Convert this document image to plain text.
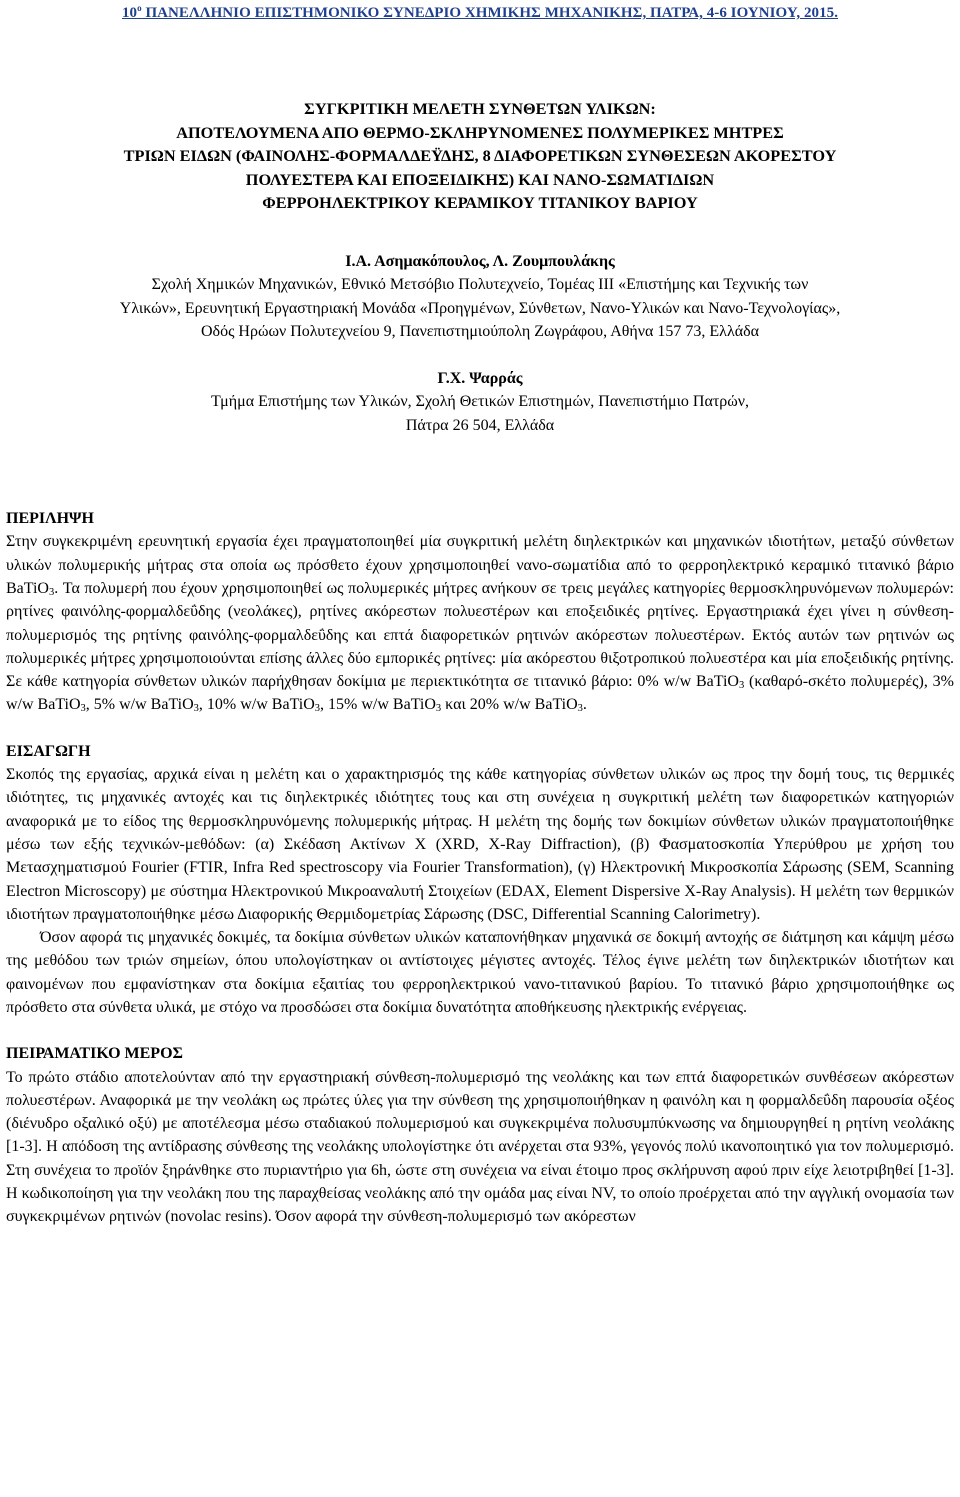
$10^o$ ΠΑΝΕΛΛΗΝΙΟ ΕΠΙΣΤΗΜΟΝΙΚΟ ΣΥΝΕΔΡΙΟ ΧΗΜΙΚΗΣ ΜΗΧΑΝΙΚΗΣ, ΠΑΤΡΑ, 4-6 ΙΟΥΝΙΟΥ, 2015.
ΣΥΓΚΡΙΤΙΚΗ ΜΕΛΕΤΗ ΣΥΝΘΕΤΩΝ ΥΛΙΚΩΝ:
ΑΠΟΤΕΛΟΥΜΕΝΑ ΑΠΟ ΘΕΡΜΟ-ΣΚΛΗΡΥΝΟΜΕΝΕΣ ΠΟΛΥΜΕΡΙΚΕΣ ΜΗΤΡΕΣ
ΤΡΙΩΝ ΕΙΔΩΝ (ΦΑΙΝΟΛΗΣ-ΦΟΡΜΑΛΔΕΫΔΗΣ, 8 ΔΙΑΦΟΡΕΤΙΚΩΝ ΣΥΝΘΕΣΕΩΝ ΑΚΟΡΕΣΤΟΥ
ΠΟΛΥΕΣΤΕΡΑ ΚΑΙ ΕΠΟΞΕΙΔΙΚΗΣ) ΚΑΙ ΝΑΝΟ-ΣΩΜΑΤΙΔΙΩΝ
ΦΕΡΡΟΗΛΕΚΤΡΙΚΟΥ ΚΕΡΑΜΙΚΟΥ ΤΙΤΑΝΙΚΟΥ ΒΑΡΙΟΥ
Ι.Α. Ασημακόπουλος, Λ. Ζουμπουλάκης
Σχολή Χημικών Μηχανικών, Εθνικό Μετσόβιο Πολυτεχνείο, Τομέας ΙΙΙ «Επιστήμης και Τεχνικής των
Υλικών», Ερευνητική Εργαστηριακή Μονάδα «Προηγμένων, Σύνθετων, Νανο-Υλικών και Νανο-Τεχνολογίας»,
Οδός Ηρώων Πολυτεχνείου 9, Πανεπιστημιούπολη Ζωγράφου, Αθήνα 157 73, Ελλάδα
Γ.Χ. Ψαρράς
Τμήμα Επιστήμης των Υλικών, Σχολή Θετικών Επιστημών, Πανεπιστήμιο Πατρών,
Πάτρα 26 504, Ελλάδα
ΠΕΡΙΛΗΨΗ

Στην συγκεκριμένη ερευνητική εργασία έχει πραγματοποιηθεί μία συγκριτική μελέτη διηλεκτρικών και μηχανικών ιδιοτήτων, μεταξύ σύνθετων υλικών πολυμερικής μήτρας στα οποία ως πρόσθετο έχουν χρησιμοποιηθεί νανο-σωματίδια από το φερροηλεκτρικό κεραμικό τιτανικό βάριο BaTiO$_3$. Τα πολυμερή που έχουν χρησιμοποιηθεί ως πολυμερικές μήτρες ανήκουν σε τρεις μεγάλες κατηγορίες θερμοσκληρυνόμενων πολυμερών: ρητίνες φαινόλης-φορμαλδεΰδης (νεολάκες), ρητίνες ακόρεστων πολυεστέρων και εποξειδικές ρητίνες. Εργαστηριακά έχει γίνει η σύνθεση-πολυμερισμός της ρητίνης φαινόλης-φορμαλδεΰδης και επτά διαφορετικών ρητινών ακόρεστων πολυεστέρων. Εκτός αυτών των ρητινών ως πολυμερικές μήτρες χρησιμοποιούνται επίσης άλλες δύο εμπορικές ρητίνες: μία ακόρεστου θιξοτροπικού πολυεστέρα και μία εποξειδικής ρητίνης. Σε κάθε κατηγορία σύνθετων υλικών παρήχθησαν δοκίμια με περιεκτικότητα σε τιτανικό βάριο: 0% w/w BaTiO$_3$ (καθαρό-σκέτο πολυμερές), 3% w/w BaTiO$_3$, 5% w/w BaTiO$_3$, 10% w/w BaTiO$_3$, 15% w/w BaTiO$_3$ και 20% w/w BaTiO$_3$.

ΕΙΣΑΓΩΓΗ

Σκοπός της εργασίας, αρχικά είναι η μελέτη και ο χαρακτηρισμός της κάθε κατηγορίας σύνθετων υλικών ως προς την δομή τους, τις θερμικές ιδιότητες, τις μηχανικές αντοχές και τις διηλεκτρικές ιδιότητες τους και στη συνέχεια η συγκριτική μελέτη των διαφορετικών κατηγοριών αναφορικά με το είδος της θερμοσκληρυνόμενης πολυμερικής μήτρας. Η μελέτη της δομής των δοκιμίων σύνθετων υλικών πραγματοποιήθηκε μέσω των εξής τεχνικών-μεθόδων: (α) Σκέδαση Ακτίνων Χ (XRD, X-Ray Diffraction), (β) Φασματοσκοπία Υπερύθρου με χρήση του Μετασχηματισμού Fourier (FTIR, Infra Red spectroscopy via Fourier Transformation), (γ) Ηλεκτρονική Μικροσκοπία Σάρωσης (SEM, Scanning Electron Microscopy) με σύστημα Ηλεκτρονικού Μικροαναλυτή Στοιχείων (EDAX, Element Dispersive X-Ray Analysis). Η μελέτη των θερμικών ιδιοτήτων πραγματοποιήθηκε μέσω Διαφορικής Θερμιδομετρίας Σάρωσης (DSC, Differential Scanning Calorimetry).

Όσον αφορά τις μηχανικές δοκιμές, τα δοκίμια σύνθετων υλικών καταπονήθηκαν μηχανικά σε δοκιμή αντοχής σε διάτμηση και κάμψη μέσω της μεθόδου των τριών σημείων, όπου υπολογίστηκαν οι αντίστοιχες μέγιστες αντοχές. Τέλος έγινε μελέτη των διηλεκτρικών ιδιοτήτων και φαινομένων που εμφανίστηκαν στα δοκίμια εξαιτίας του φερροηλεκτρικού νανο-τιτανικού βαρίου. Το τιτανικό βάριο χρησιμοποιήθηκε ως πρόσθετο στα σύνθετα υλικά, με στόχο να προσδώσει στα δοκίμια δυνατότητα αποθήκευσης ηλεκτρικής ενέργειας.

ΠΕΙΡΑΜΑΤΙΚΟ ΜΕΡΟΣ

Το πρώτο στάδιο αποτελούνταν από την εργαστηριακή σύνθεση-πολυμερισμό της νεολάκης και των επτά διαφορετικών συνθέσεων ακόρεστων πολυεστέρων. Αναφορικά με την νεολάκη ως πρώτες ύλες για την σύνθεση της χρησιμοποιήθηκαν η φαινόλη και η φορμαλδεΰδη παρουσία οξέος (διένυδρο οξαλικό οξύ) με αποτέλεσμα μέσω σταδιακού πολυμερισμού και συγκεκριμένα πολυσυμπύκνωσης να δημιουργηθεί η ρητίνη νεολάκης [1-3]. Η απόδοση της αντίδρασης σύνθεσης της νεολάκης υπολογίστηκε ότι ανέρχεται στα 93%, γεγονός πολύ ικανοποιητικό για τον πολυμερισμό. Στη συνέχεια το προϊόν ξηράνθηκε στο πυριαντήριο για 6h, ώστε στη συνέχεια να είναι έτοιμο προς σκλήρυνση αφού πριν είχε λειοτριβηθεί [1-3]. Η κωδικοποίηση για την νεολάκη που της παραχθείσας νεολάκης από την ομάδα μας είναι NV, το οποίο προέρχεται από την αγγλική ονομασία των συγκεκριμένων ρητινών (novolac resins). Όσον αφορά την σύνθεση-πολυμερισμό των ακόρεστων
